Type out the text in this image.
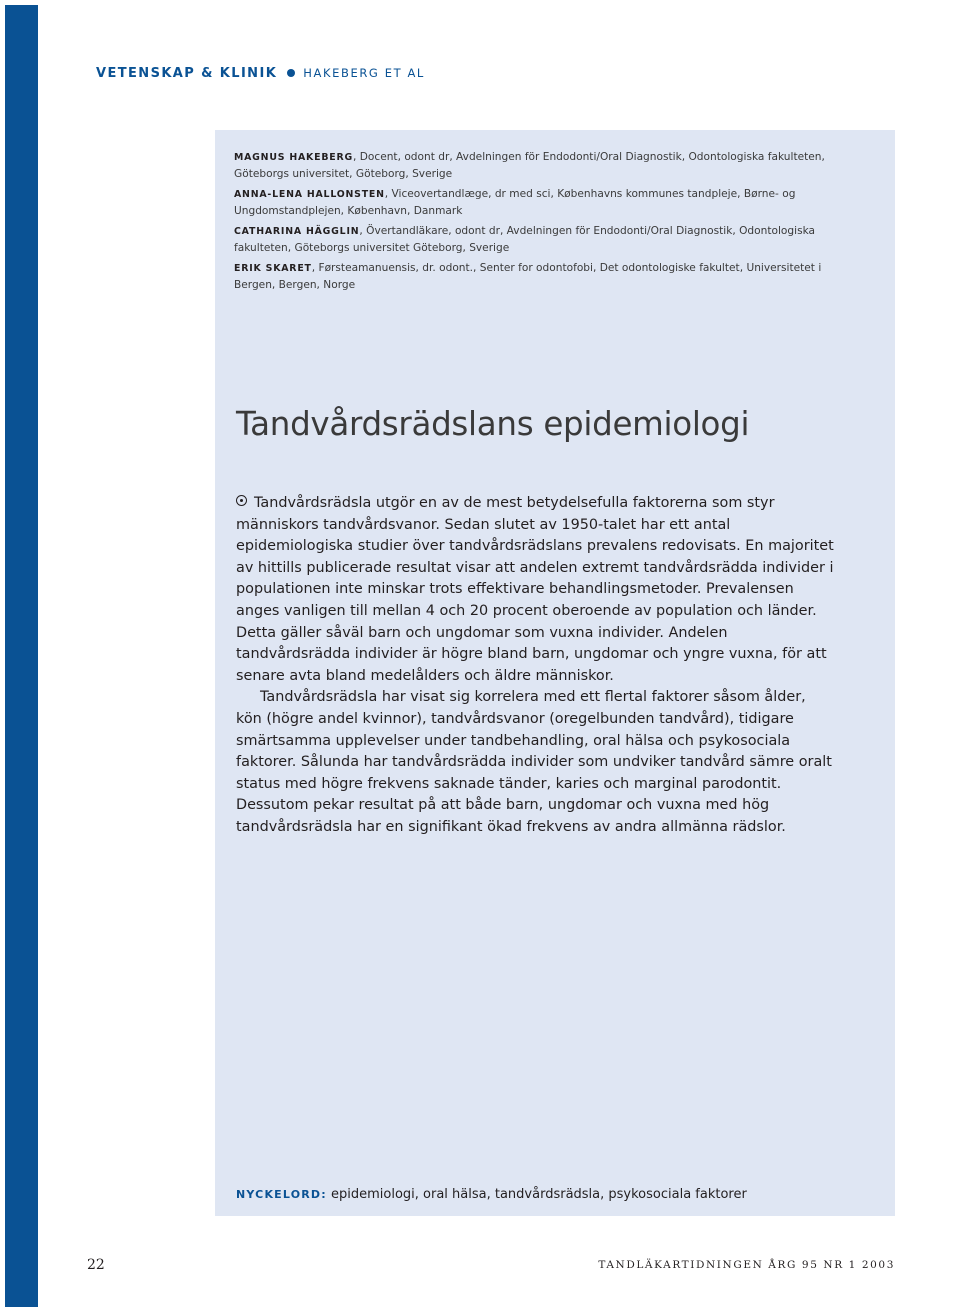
VETENSKAP & KLINIK HAKEBERG ET AL
MAGNUS HAKEBERG, Docent, odont dr, Avdelningen för Endodonti/Oral Diagnostik, Odontologiska fakulteten, Göteborgs universitet, Göteborg, Sverige
ANNA-LENA HALLONSTEN, Viceovertandlæge, dr med sci, Københavns kommunes tandpleje, Børne- og Ungdomstandplejen, København, Danmark
CATHARINA HÄGGLIN, Övertandläkare, odont dr, Avdelningen för Endodonti/Oral Diagnostik, Odontologiska fakulteten, Göteborgs universitet Göteborg, Sverige
ERIK SKARET, Førsteamanuensis, dr. odont., Senter for odontofobi, Det odontologiske fakultet, Universitetet i Bergen, Bergen, Norge
Tandvårdsrädslans epidemiologi

Tandvårdsrädsla utgör en av de mest betydelsefulla faktorerna som styr människors tandvårdsvanor. Sedan slutet av 1950-talet har ett antal epidemiologiska studier över tandvårdsrädslans prevalens redovisats. En majoritet av hittills publicerade resultat visar att andelen extremt tandvårdsrädda individer i populationen inte minskar trots effektivare behandlingsmetoder. Prevalensen anges vanligen till mellan 4 och 20 procent oberoende av population och länder. Detta gäller såväl barn och ungdomar som vuxna individer. Andelen tandvårdsrädda individer är högre bland barn, ungdomar och yngre vuxna, för att senare avta bland medelålders och äldre människor.

Tandvårdsrädsla har visat sig korrelera med ett flertal faktorer såsom ålder, kön (högre andel kvinnor), tandvårdsvanor (oregelbunden tandvård), tidigare smärtsamma upplevelser under tandbehandling, oral hälsa och psykosociala faktorer. Sålunda har tandvårdsrädda individer som undviker tandvård sämre oralt status med högre frekvens saknade tänder, karies och marginal parodontit. Dessutom pekar resultat på att både barn, ungdomar och vuxna med hög tandvårdsrädsla har en signifikant ökad frekvens av andra allmänna rädslor.

NYCKELORD: epidemiologi, oral hälsa, tandvårdsrädsla, psykosociala faktorer
22	TANDLÄKARTIDNINGEN ÅRG 95 NR 1 2003
